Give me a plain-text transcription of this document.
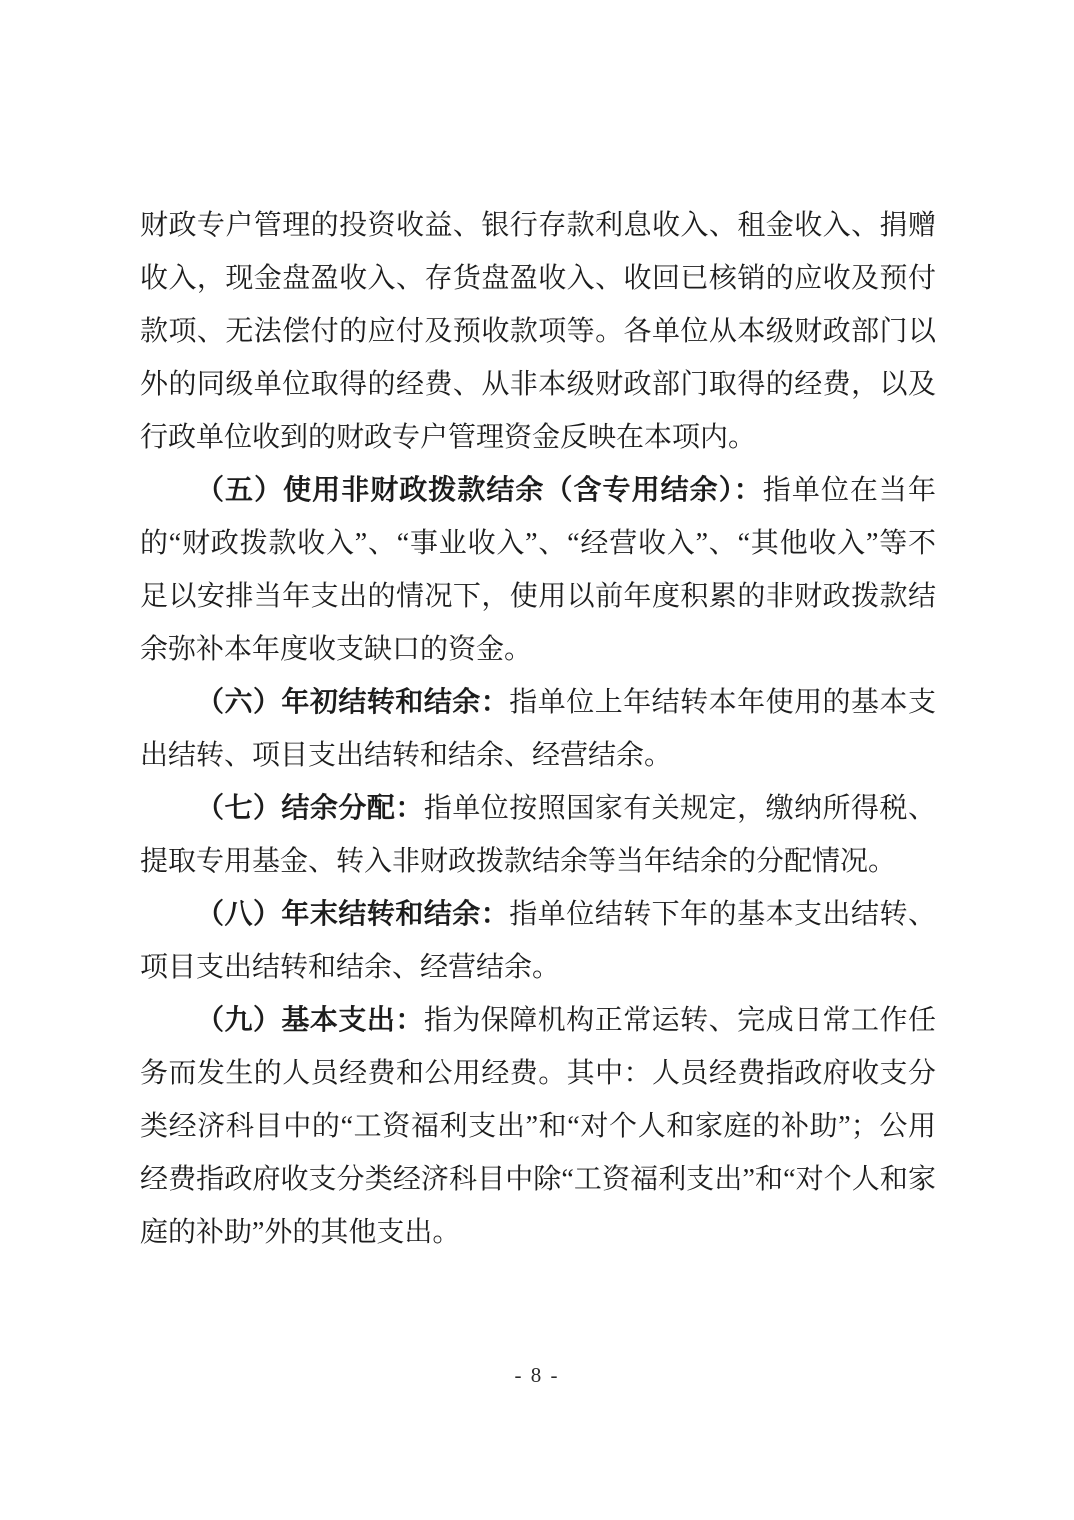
财政专户管理的投资收益、银行存款利息收入、租金收入、捐赠收入，现金盘盈收入、存货盘盈收入、收回已核销的应收及预付款项、无法偿付的应付及预收款项等。各单位从本级财政部门以外的同级单位取得的经费、从非本级财政部门取得的经费，以及行政单位收到的财政专户管理资金反映在本项内。

（五）使用非财政拨款结余（含专用结余）：指单位在当年的“财政拨款收入”、“事业收入”、“经营收入”、“其他收入”等不足以安排当年支出的情况下，使用以前年度积累的非财政拨款结余弥补本年度收支缺口的资金。

（六）年初结转和结余：指单位上年结转本年使用的基本支出结转、项目支出结转和结余、经营结余。

（七）结余分配：指单位按照国家有关规定，缴纳所得税、提取专用基金、转入非财政拨款结余等当年结余的分配情况。

（八）年末结转和结余：指单位结转下年的基本支出结转、项目支出结转和结余、经营结余。

（九）基本支出：指为保障机构正常运转、完成日常工作任务而发生的人员经费和公用经费。其中：人员经费指政府收支分类经济科目中的“工资福利支出”和“对个人和家庭的补助”；公用经费指政府收支分类经济科目中除“工资福利支出”和“对个人和家庭的补助”外的其他支出。

- 8 -
